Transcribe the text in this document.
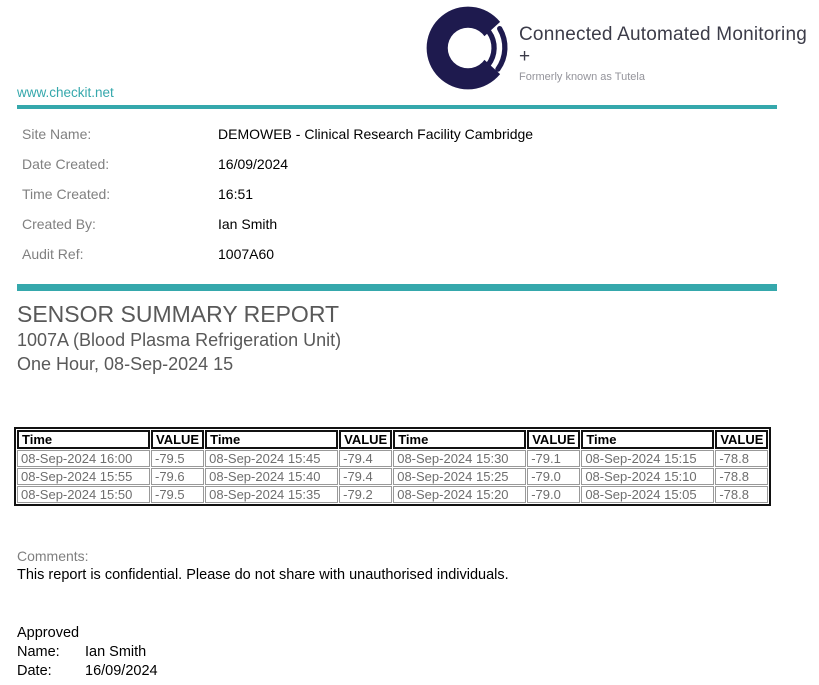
Connected Automated Monitoring +
Formerly known as Tutela
www.checkit.net
Site Name:	DEMOWEB - Clinical Research Facility Cambridge
Date Created:	16/09/2024
Time Created:	16:51
Created By:	Ian Smith
Audit Ref:	1007A60
SENSOR SUMMARY REPORT
1007A (Blood Plasma Refrigeration Unit)
One Hour, 08-Sep-2024 15
Time	VALUE	Time	VALUE	Time	VALUE	Time	VALUE
08-Sep-2024 16:00	-79.5	08-Sep-2024 15:45	-79.4	08-Sep-2024 15:30	-79.1	08-Sep-2024 15:15	-78.8
08-Sep-2024 15:55	-79.6	08-Sep-2024 15:40	-79.4	08-Sep-2024 15:25	-79.0	08-Sep-2024 15:10	-78.8
08-Sep-2024 15:50	-79.5	08-Sep-2024 15:35	-79.2	08-Sep-2024 15:20	-79.0	08-Sep-2024 15:05	-78.8
Comments:
This report is confidential. Please do not share with unauthorised individuals.
Approved
Name:	Ian Smith
Date:	16/09/2024
